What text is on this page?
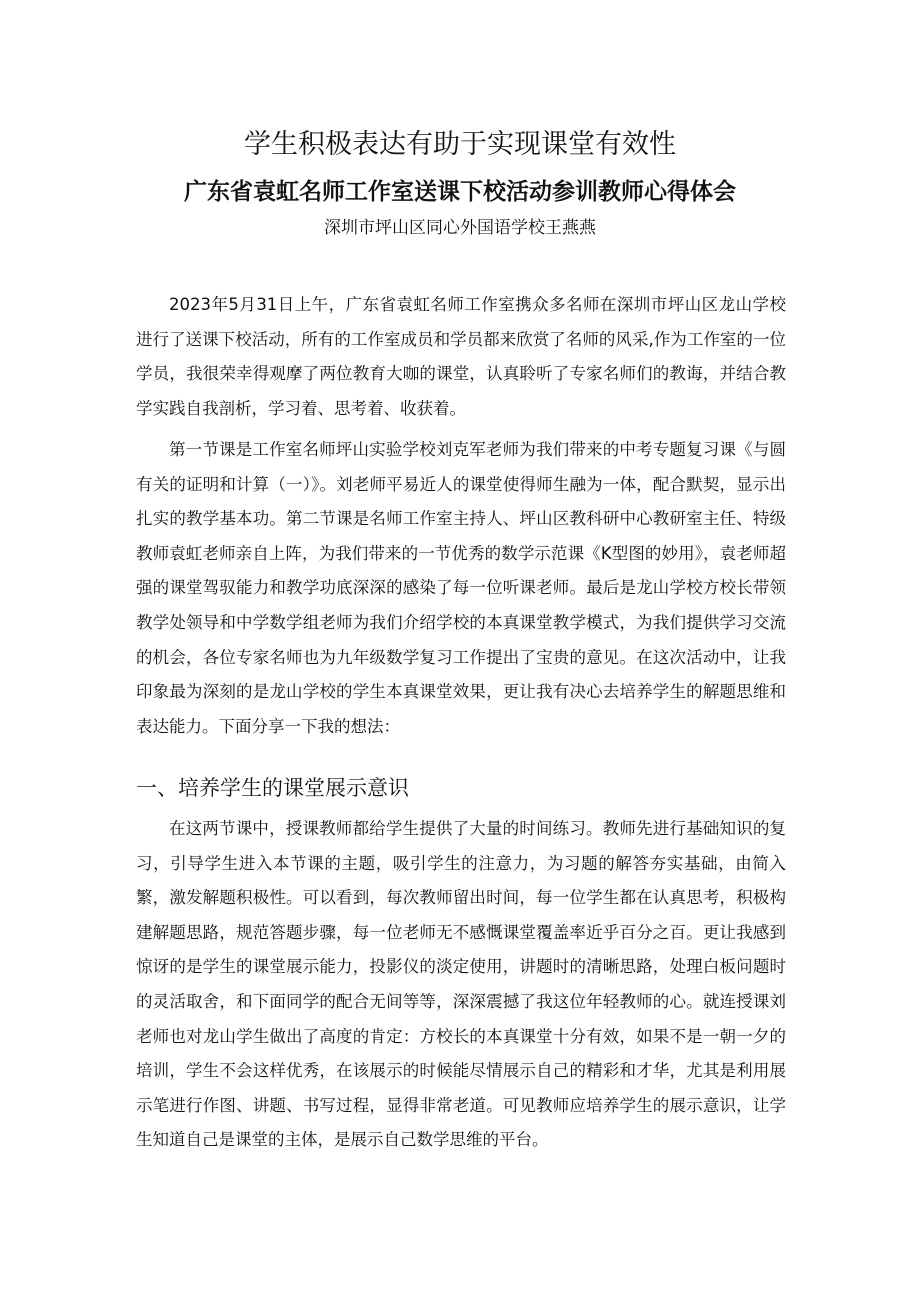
学生积极表达有助于实现课堂有效性
广东省袁虹名师工作室送课下校活动参训教师心得体会
深圳市坪山区同心外国语学校王燕燕

2023年5月31日上午，广东省袁虹名师工作室携众多名师在深圳市坪山区龙山学校进行了送课下校活动，所有的工作室成员和学员都来欣赏了名师的风采,作为工作室的一位学员，我很荣幸得观摩了两位教育大咖的课堂，认真聆听了专家名师们的教诲，并结合教学实践自我剖析，学习着、思考着、收获着。

第一节课是工作室名师坪山实验学校刘克军老师为我们带来的中考专题复习课《与圆有关的证明和计算（一）》。刘老师平易近人的课堂使得师生融为一体，配合默契，显示出扎实的教学基本功。第二节课是名师工作室主持人、坪山区教科研中心教研室主任、特级教师袁虹老师亲自上阵，为我们带来的一节优秀的数学示范课《K型图的妙用》，袁老师超强的课堂驾驭能力和教学功底深深的感染了每一位听课老师。最后是龙山学校方校长带领教学处领导和中学数学组老师为我们介绍学校的本真课堂教学模式，为我们提供学习交流的机会，各位专家名师也为九年级数学复习工作提出了宝贵的意见。在这次活动中，让我印象最为深刻的是龙山学校的学生本真课堂效果，更让我有决心去培养学生的解题思维和表达能力。下面分享一下我的想法：

一、培养学生的课堂展示意识

在这两节课中，授课教师都给学生提供了大量的时间练习。教师先进行基础知识的复习，引导学生进入本节课的主题，吸引学生的注意力，为习题的解答夯实基础，由简入繁，激发解题积极性。可以看到，每次教师留出时间，每一位学生都在认真思考，积极构建解题思路，规范答题步骤，每一位老师无不感慨课堂覆盖率近乎百分之百。更让我感到惊讶的是学生的课堂展示能力，投影仪的淡定使用，讲题时的清晰思路，处理白板问题时的灵活取舍，和下面同学的配合无间等等，深深震撼了我这位年轻教师的心。就连授课刘老师也对龙山学生做出了高度的肯定：方校长的本真课堂十分有效，如果不是一朝一夕的培训，学生不会这样优秀，在该展示的时候能尽情展示自己的精彩和才华，尤其是利用展示笔进行作图、讲题、书写过程，显得非常老道。可见教师应培养学生的展示意识，让学生知道自己是课堂的主体，是展示自己数学思维的平台。
